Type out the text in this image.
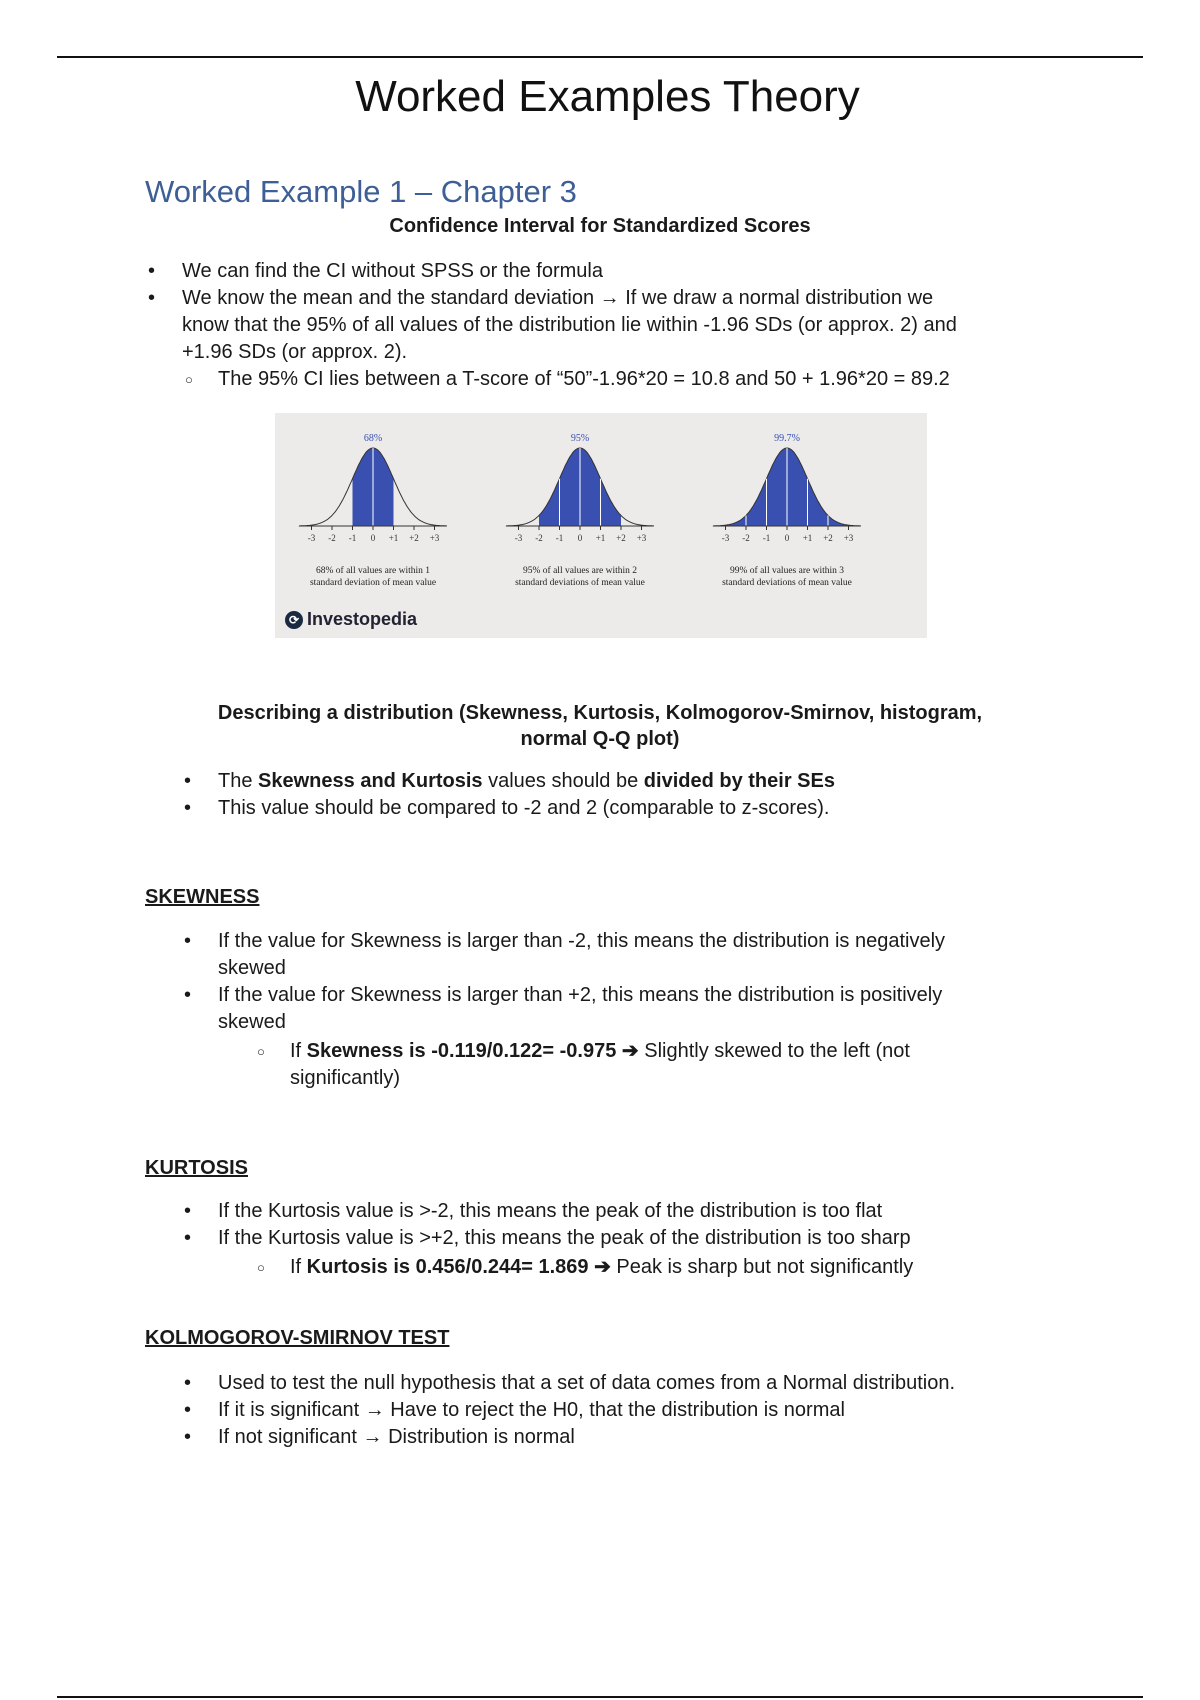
Worked Examples Theory
Worked Example 1 – Chapter 3
Confidence Interval for Standardized Scores
• We can find the CI without SPSS or the formula
• We know the mean and the standard deviation → If we draw a normal distribution we
know that the 95% of all values of the distribution lie within -1.96 SDs (or approx. 2) and
+1.96 SDs (or approx. 2).
○ The 95% CI lies between a T-score of “50”-1.96*20 = 10.8 and 50 + 1.96*20 = 89.2
-3 -2 -1 0 +1 +2 +3
68%
68% of all values are within 1
standard deviation of mean value
-3 -2 -1 0 +1 +2 +3
95%
95% of all values are within 2
standard deviations of mean value
-3 -2 -1 0 +1 +2 +3
99.7%
99% of all values are within 3
standard deviations of mean value
⟳ Investopedia
Describing a distribution (Skewness, Kurtosis, Kolmogorov-Smirnov, histogram,
normal Q-Q plot)
• The Skewness and Kurtosis values should be divided by their SEs
• This value should be compared to -2 and 2 (comparable to z-scores).
SKEWNESS
• If the value for Skewness is larger than -2, this means the distribution is negatively
skewed
• If the value for Skewness is larger than +2, this means the distribution is positively
skewed
○ If Skewness is -0.119/0.122= -0.975 ➔ Slightly skewed to the left (not
significantly)
KURTOSIS
• If the Kurtosis value is >-2, this means the peak of the distribution is too flat
• If the Kurtosis value is >+2, this means the peak of the distribution is too sharp
○ If Kurtosis is 0.456/0.244= 1.869 ➔ Peak is sharp but not significantly
KOLMOGOROV-SMIRNOV TEST
• Used to test the null hypothesis that a set of data comes from a Normal distribution.
• If it is significant → Have to reject the H0, that the distribution is normal
• If not significant → Distribution is normal
